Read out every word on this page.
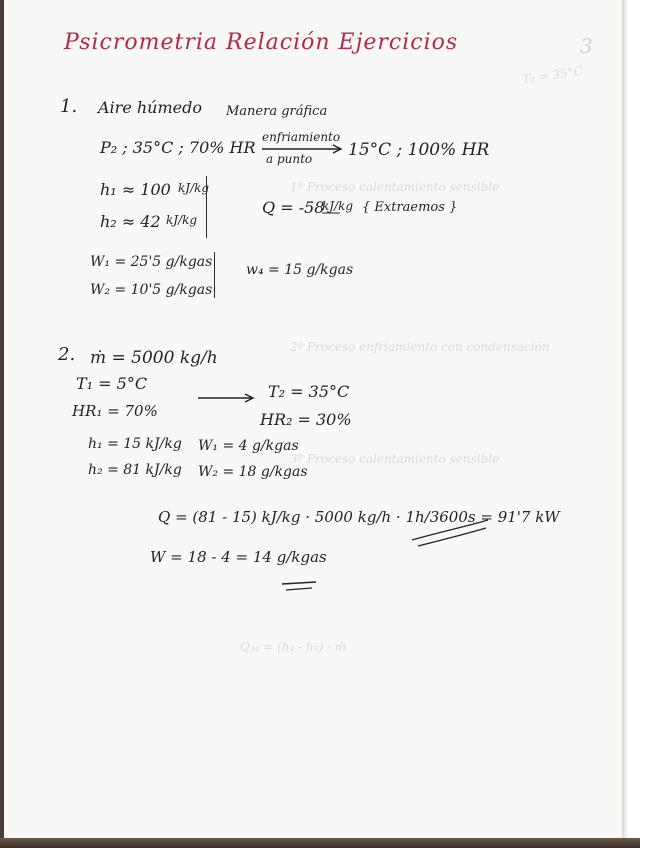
T₂ = 35°C
1º Proceso calentamiento sensible
2º Proceso enfriamiento con condensación
3º Proceso calentamiento sensible
Q₃₄ = (h₄ - h₃) · ṁ
3
Psicrometria Relación Ejercicios
1. Aire húmedo Manera gráfica
P₂ ; 35°C ; 70% HR
enfriamiento
a punto 15°C ; 100% HR
h₁ ≈ 100 kJ/kg
h₂ ≈ 42 kJ/kg
Q = -58
kJ/kg { Extraemos }
W₁ = 25'5 g/kgas
W₂ = 10'5 g/kgas
w₄ = 15 g/kgas
2. ṁ = 5000 kg/h
T₁ = 5°C
HR₁ = 70%
T₂ = 35°C
HR₂ = 30%
h₁ = 15 kJ/kg W₁ = 4 g/kgas
h₂ = 81 kJ/kg W₂ = 18 g/kgas
Q = (81 - 15) kJ/kg · 5000 kg/h · 1h/3600s = 91'7 kW
W = 18 - 4 = 14 g/kgas
